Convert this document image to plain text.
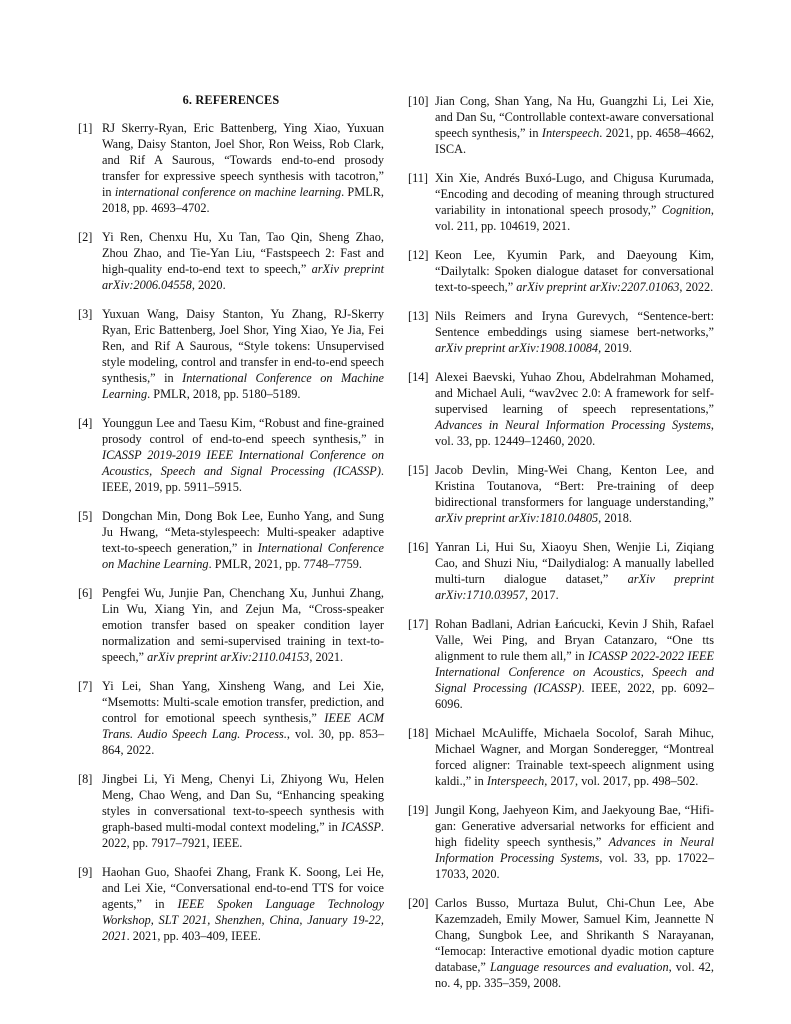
6. REFERENCES
[1] RJ Skerry-Ryan, Eric Battenberg, Ying Xiao, Yuxuan Wang, Daisy Stanton, Joel Shor, Ron Weiss, Rob Clark, and Rif A Saurous, “Towards end-to-end prosody transfer for expressive speech synthesis with tacotron,” in international conference on machine learning. PMLR, 2018, pp. 4693–4702.
[2] Yi Ren, Chenxu Hu, Xu Tan, Tao Qin, Sheng Zhao, Zhou Zhao, and Tie-Yan Liu, “Fastspeech 2: Fast and high-quality end-to-end text to speech,” arXiv preprint arXiv:2006.04558, 2020.
[3] Yuxuan Wang, Daisy Stanton, Yu Zhang, RJ-Skerry Ryan, Eric Battenberg, Joel Shor, Ying Xiao, Ye Jia, Fei Ren, and Rif A Saurous, “Style tokens: Unsupervised style modeling, control and transfer in end-to-end speech synthesis,” in International Conference on Machine Learning. PMLR, 2018, pp. 5180–5189.
[4] Younggun Lee and Taesu Kim, “Robust and fine-grained prosody control of end-to-end speech synthesis,” in ICASSP 2019-2019 IEEE International Conference on Acoustics, Speech and Signal Processing (ICASSP). IEEE, 2019, pp. 5911–5915.
[5] Dongchan Min, Dong Bok Lee, Eunho Yang, and Sung Ju Hwang, “Meta-stylespeech: Multi-speaker adaptive text-to-speech generation,” in International Conference on Machine Learning. PMLR, 2021, pp. 7748–7759.
[6] Pengfei Wu, Junjie Pan, Chenchang Xu, Junhui Zhang, Lin Wu, Xiang Yin, and Zejun Ma, “Cross-speaker emotion transfer based on speaker condition layer normalization and semi-supervised training in text-to-speech,” arXiv preprint arXiv:2110.04153, 2021.
[7] Yi Lei, Shan Yang, Xinsheng Wang, and Lei Xie, “Msemotts: Multi-scale emotion transfer, prediction, and control for emotional speech synthesis,” IEEE ACM Trans. Audio Speech Lang. Process., vol. 30, pp. 853–864, 2022.
[8] Jingbei Li, Yi Meng, Chenyi Li, Zhiyong Wu, Helen Meng, Chao Weng, and Dan Su, “Enhancing speaking styles in conversational text-to-speech synthesis with graph-based multi-modal context modeling,” in ICASSP. 2022, pp. 7917–7921, IEEE.
[9] Haohan Guo, Shaofei Zhang, Frank K. Soong, Lei He, and Lei Xie, “Conversational end-to-end TTS for voice agents,” in IEEE Spoken Language Technology Workshop, SLT 2021, Shenzhen, China, January 19-22, 2021. 2021, pp. 403–409, IEEE.
[10] Jian Cong, Shan Yang, Na Hu, Guangzhi Li, Lei Xie, and Dan Su, “Controllable context-aware conversational speech synthesis,” in Interspeech. 2021, pp. 4658–4662, ISCA.
[11] Xin Xie, Andrés Buxó-Lugo, and Chigusa Kurumada, “Encoding and decoding of meaning through structured variability in intonational speech prosody,” Cognition, vol. 211, pp. 104619, 2021.
[12] Keon Lee, Kyumin Park, and Daeyoung Kim, “Dailytalk: Spoken dialogue dataset for conversational text-to-speech,” arXiv preprint arXiv:2207.01063, 2022.
[13] Nils Reimers and Iryna Gurevych, “Sentence-bert: Sentence embeddings using siamese bert-networks,” arXiv preprint arXiv:1908.10084, 2019.
[14] Alexei Baevski, Yuhao Zhou, Abdelrahman Mohamed, and Michael Auli, “wav2vec 2.0: A framework for self-supervised learning of speech representations,” Advances in Neural Information Processing Systems, vol. 33, pp. 12449–12460, 2020.
[15] Jacob Devlin, Ming-Wei Chang, Kenton Lee, and Kristina Toutanova, “Bert: Pre-training of deep bidirectional transformers for language understanding,” arXiv preprint arXiv:1810.04805, 2018.
[16] Yanran Li, Hui Su, Xiaoyu Shen, Wenjie Li, Ziqiang Cao, and Shuzi Niu, “Dailydialog: A manually labelled multi-turn dialogue dataset,” arXiv preprint arXiv:1710.03957, 2017.
[17] Rohan Badlani, Adrian Łańcucki, Kevin J Shih, Rafael Valle, Wei Ping, and Bryan Catanzaro, “One tts alignment to rule them all,” in ICASSP 2022-2022 IEEE International Conference on Acoustics, Speech and Signal Processing (ICASSP). IEEE, 2022, pp. 6092–6096.
[18] Michael McAuliffe, Michaela Socolof, Sarah Mihuc, Michael Wagner, and Morgan Sonderegger, “Montreal forced aligner: Trainable text-speech alignment using kaldi.,” in Interspeech, 2017, vol. 2017, pp. 498–502.
[19] Jungil Kong, Jaehyeon Kim, and Jaekyoung Bae, “Hifi-gan: Generative adversarial networks for efficient and high fidelity speech synthesis,” Advances in Neural Information Processing Systems, vol. 33, pp. 17022–17033, 2020.
[20] Carlos Busso, Murtaza Bulut, Chi-Chun Lee, Abe Kazemzadeh, Emily Mower, Samuel Kim, Jeannette N Chang, Sungbok Lee, and Shrikanth S Narayanan, “Iemocap: Interactive emotional dyadic motion capture database,” Language resources and evaluation, vol. 42, no. 4, pp. 335–359, 2008.
